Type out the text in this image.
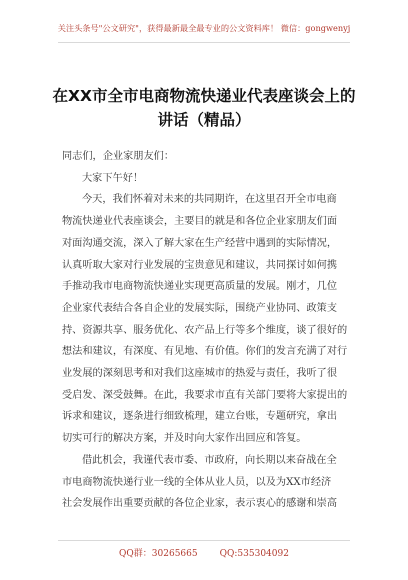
关注头条号"公文研究"，获得最新最全最专业的公文资料库！ 微信：gongwenyj
在XX市全市电商物流快递业代表座谈会上的
讲话（精品）
同志们，企业家朋友们：
大家下午好！
今天，我们怀着对未来的共同期许，在这里召开全市电商
物流快递业代表座谈会，主要目的就是和各位企业家朋友们面
对面沟通交流，深入了解大家在生产经营中遇到的实际情况，
认真听取大家对行业发展的宝贵意见和建议，共同探讨如何携
手推动我市电商物流快递业实现更高质量的发展。刚才，几位
企业家代表结合各自企业的发展实际，围绕产业协同、政策支
持、资源共享、服务优化、农产品上行等多个维度，谈了很好的
想法和建议，有深度、有见地、有价值。你们的发言充满了对行
业发展的深刻思考和对我们这座城市的热爱与责任，我听了很
受启发、深受鼓舞。在此，我要求市直有关部门要将大家提出的
诉求和建议，逐条进行细致梳理，建立台账，专题研究，拿出
切实可行的解决方案，并及时向大家作出回应和答复。
借此机会，我谨代表市委、市政府，向长期以来奋战在全
市电商物流快递行业一线的全体从业人员，以及为XX市经济
社会发展作出重要贡献的各位企业家，表示衷心的感谢和崇高
QQ群：30265665 QQ:535304092
